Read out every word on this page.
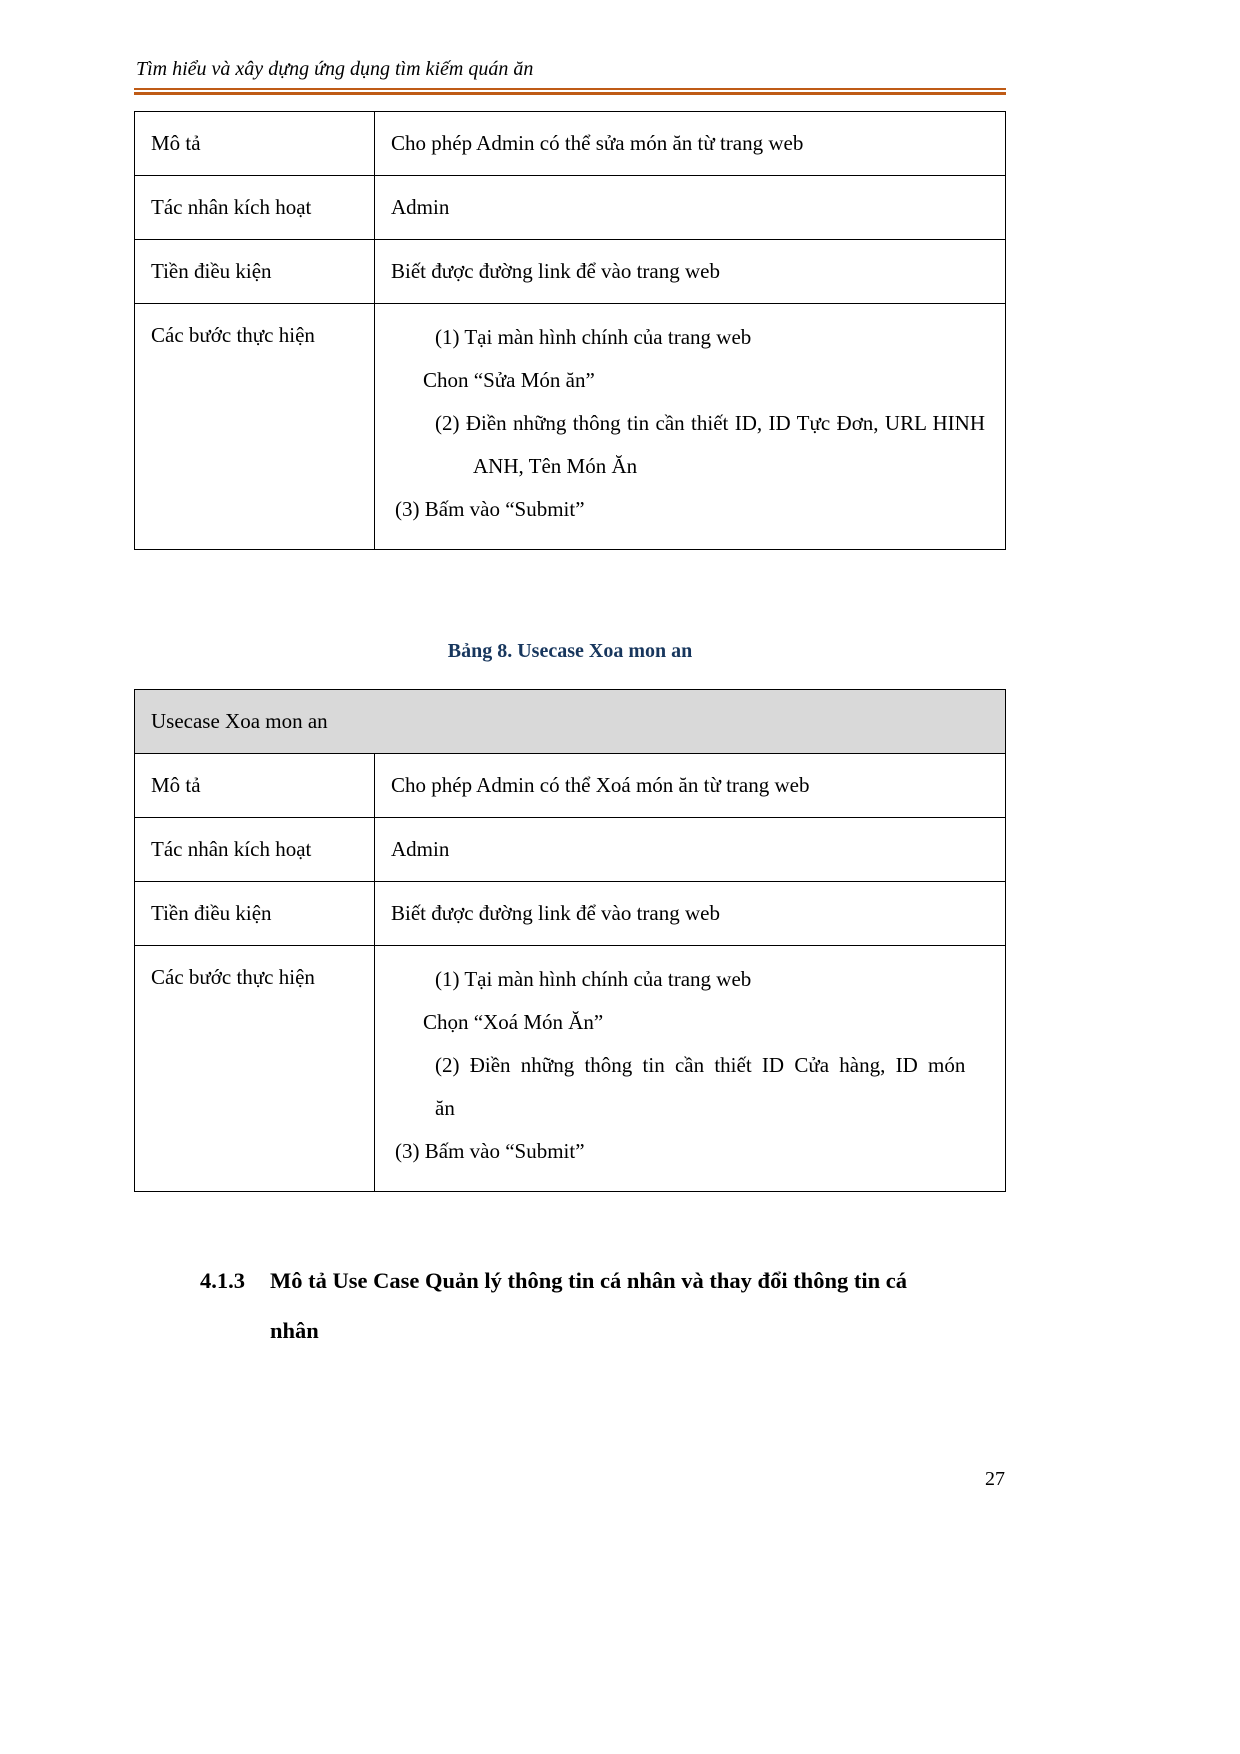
Tìm hiểu và xây dựng ứng dụng tìm kiếm quán ăn
Mô tả	Cho phép Admin có thể sửa món ăn từ trang web
Tác nhân kích hoạt	Admin
Tiền điều kiện	Biết được đường link để vào trang web
Các bước thực hiện	(1) Tại màn hình chính của trang web
Chon “Sửa Món ăn”
(2) Điền những thông tin cần thiết ID, ID Tực Đơn, URL HINH ANH, Tên Món Ăn
(3) Bấm vào “Submit”
Bảng 8. Usecase Xoa mon an
Usecase Xoa mon an
Mô tả	Cho phép Admin có thể Xoá món ăn từ trang web
Tác nhân kích hoạt	Admin
Tiền điều kiện	Biết được đường link để vào trang web
Các bước thực hiện	(1) Tại màn hình chính của trang web
Chọn “Xoá Món Ăn”
(2) Điền những thông tin cần thiết ID Cửa hàng, ID món ăn
(3) Bấm vào “Submit”
4.1.3	Mô tả Use Case Quản lý thông tin cá nhân và thay đổi thông tin cá nhân
27
